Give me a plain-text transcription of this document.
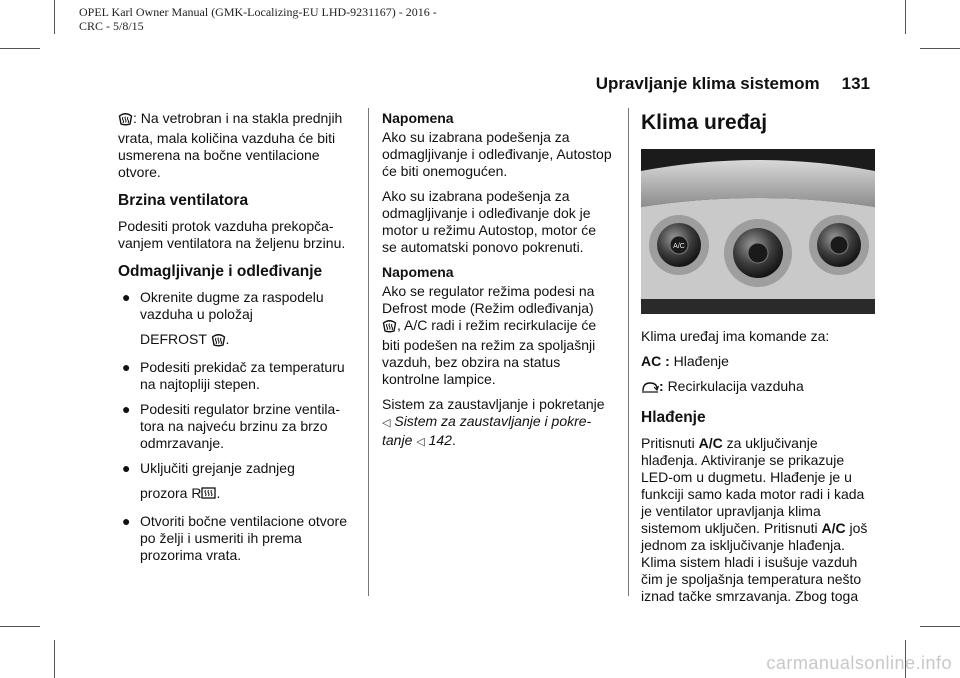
OPEL Karl Owner Manual (GMK-Localizing-EU LHD-9231167) - 2016 -
CRC - 5/8/15
Upravljanje klima sistemom 131

: Na vetrobran i na stakla prednjih vrata, mala količina vazduha će biti usmerena na bočne ventilacione otvore.

Brzina ventilatora

Podesiti protok vazduha prekopča-vanjem ventilatora na željenu brzinu.

Odmagljivanje i odleđivanje
● Okrenite dugme za raspodelu vazduha u položaj
DEFROST .
● Podesiti prekidač za temperaturu na najtopliji stepen.
● Podesiti regulator brzine ventila-tora na najveću brzinu za brzo odmrzavanje.
● Uključiti grejanje zadnjeg
prozora R .
● Otvoriti bočne ventilacione otvore po želji i usmeriti ih prema prozorima vrata.

Napomena

Ako su izabrana podešenja za odmagljivanje i odleđivanje, Autostop će biti onemogućen.

Ako su izabrana podešenja za odmagljivanje i odleđivanje dok je motor u režimu Autostop, motor će se automatski ponovo pokrenuti.

Napomena

Ako se regulator režima podesi na Defrost mode (Režim odleđivanja)
, A/C radi i režim recirkulacije će biti podešen na režim za spoljašnji vazduh, bez obzira na status kontrolne lampice.

Sistem za zaustavljanje i pokretanje
◁ Sistem za zaustavljanje i pokre-tanje ◁ 142.

Klima uređaj
A/C

Klima uređaj ima komande za:

AC : Hlađenje

: Recirkulacija vazduha

Hlađenje

Pritisnuti A/C za uključivanje hlađenja. Aktiviranje se prikazuje LED-om u dugmetu. Hlađenje je u funkciji samo kada motor radi i kada je ventilator upravljanja klima sistemom uključen. Pritisnuti A/C još jednom za isključivanje hlađenja. Klima sistem hladi i isušuje vazduh čim je spoljašnja temperatura nešto iznad tačke smrzavanja. Zbog toga

carmanualsonline.info
